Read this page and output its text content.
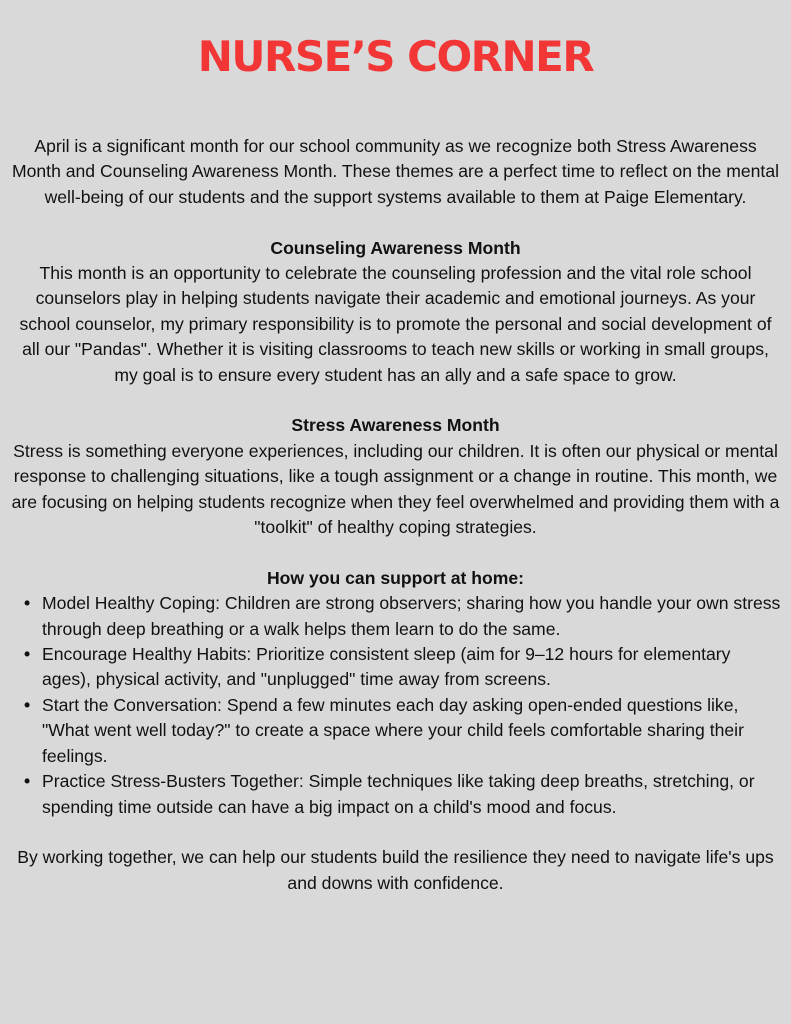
NURSE’S CORNER

April is a significant month for our school community as we recognize both Stress Awareness Month and Counseling Awareness Month. These themes are a perfect time to reflect on the mental well-being of our students and the support systems available to them at Paige Elementary.

Counseling Awareness Month

This month is an opportunity to celebrate the counseling profession and the vital role school counselors play in helping students navigate their academic and emotional journeys. As your school counselor, my primary responsibility is to promote the personal and social development of all our "Pandas". Whether it is visiting classrooms to teach new skills or working in small groups, my goal is to ensure every student has an ally and a safe space to grow.

Stress Awareness Month

Stress is something everyone experiences, including our children. It is often our physical or mental response to challenging situations, like a tough assignment or a change in routine. This month, we are focusing on helping students recognize when they feel overwhelmed and providing them with a "toolkit" of healthy coping strategies.

How you can support at home:

• Model Healthy Coping: Children are strong observers; sharing how you handle your own stress through deep breathing or a walk helps them learn to do the same.
• Encourage Healthy Habits: Prioritize consistent sleep (aim for 9–12 hours for elementary ages), physical activity, and "unplugged" time away from screens.
• Start the Conversation: Spend a few minutes each day asking open-ended questions like, "What went well today?" to create a space where your child feels comfortable sharing their feelings.
• Practice Stress-Busters Together: Simple techniques like taking deep breaths, stretching, or spending time outside can have a big impact on a child's mood and focus.

By working together, we can help our students build the resilience they need to navigate life's ups and downs with confidence.
